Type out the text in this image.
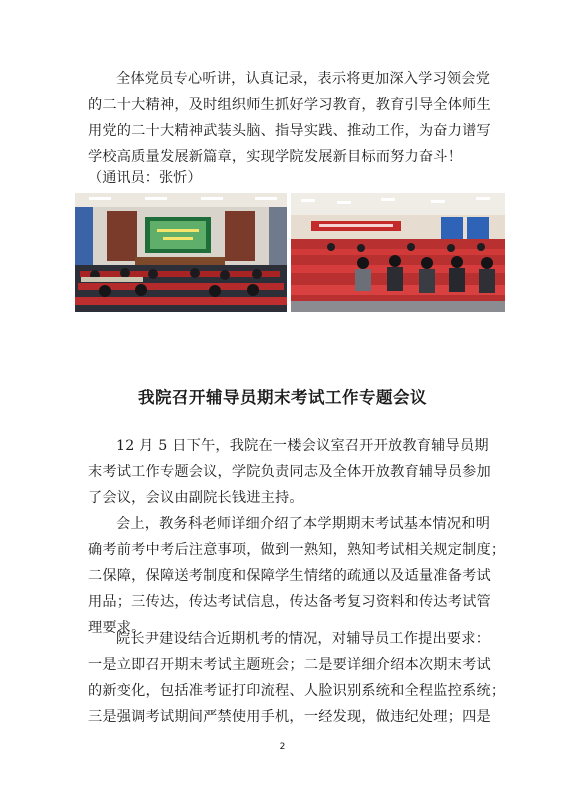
全体党员专心听讲，认真记录，表示将更加深入学习领会党
的二十大精神，及时组织师生抓好学习教育，教育引导全体师生
用党的二十大精神武装头脑、指导实践、推动工作，为奋力谱写
学校高质量发展新篇章，实现学院发展新目标而努力奋斗！

（通讯员：张忻）

我院召开辅导员期末考试工作专题会议

12 月 5 日下午，我院在一楼会议室召开开放教育辅导员期
末考试工作专题会议，学院负责同志及全体开放教育辅导员参加
了会议，会议由副院长钱进主持。

会上，教务科老师详细介绍了本学期期末考试基本情况和明
确考前考中考后注意事项，做到一熟知，熟知考试相关规定制度；
二保障，保障送考制度和保障学生情绪的疏通以及适量准备考试
用品；三传达，传达考试信息，传达备考复习资料和传达考试管
理要求。

院长尹建设结合近期机考的情况，对辅导员工作提出要求：
一是立即召开期末考试主题班会；二是要详细介绍本次期末考试
的新变化，包括准考证打印流程、人脸识别系统和全程监控系统；
三是强调考试期间严禁使用手机，一经发现，做违纪处理；四是

2
